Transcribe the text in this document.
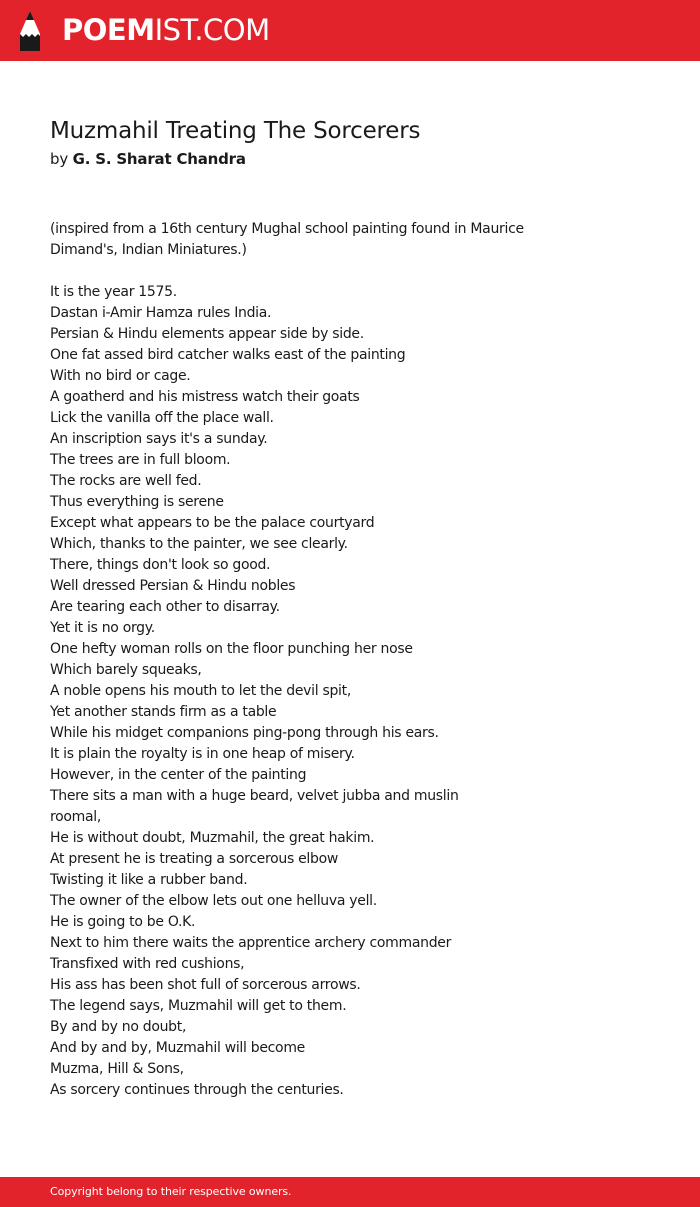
POEMIST.COM
Muzmahil Treating The Sorcerers
by G. S. Sharat Chandra
(inspired from a 16th century Mughal school painting found in Maurice
Dimand's, Indian Miniatures.)
It is the year 1575.
Dastan i-Amir Hamza rules India.
Persian & Hindu elements appear side by side.
One fat assed bird catcher walks east of the painting
With no bird or cage.
A goatherd and his mistress watch their goats
Lick the vanilla off the place wall.
An inscription says it's a sunday.
The trees are in full bloom.
The rocks are well fed.
Thus everything is serene
Except what appears to be the palace courtyard
Which, thanks to the painter, we see clearly.
There, things don't look so good.
Well dressed Persian & Hindu nobles
Are tearing each other to disarray.
Yet it is no orgy.
One hefty woman rolls on the floor punching her nose
Which barely squeaks,
A noble opens his mouth to let the devil spit,
Yet another stands firm as a table
While his midget companions ping-pong through his ears.
It is plain the royalty is in one heap of misery.
However, in the center of the painting
There sits a man with a huge beard, velvet jubba and muslin
roomal,
He is without doubt, Muzmahil, the great hakim.
At present he is treating a sorcerous elbow
Twisting it like a rubber band.
The owner of the elbow lets out one helluva yell.
He is going to be O.K.
Next to him there waits the apprentice archery commander
Transfixed with red cushions,
His ass has been shot full of sorcerous arrows.
The legend says, Muzmahil will get to them.
By and by no doubt,
And by and by, Muzmahil will become
Muzma, Hill & Sons,
As sorcery continues through the centuries.
Copyright belong to their respective owners.
